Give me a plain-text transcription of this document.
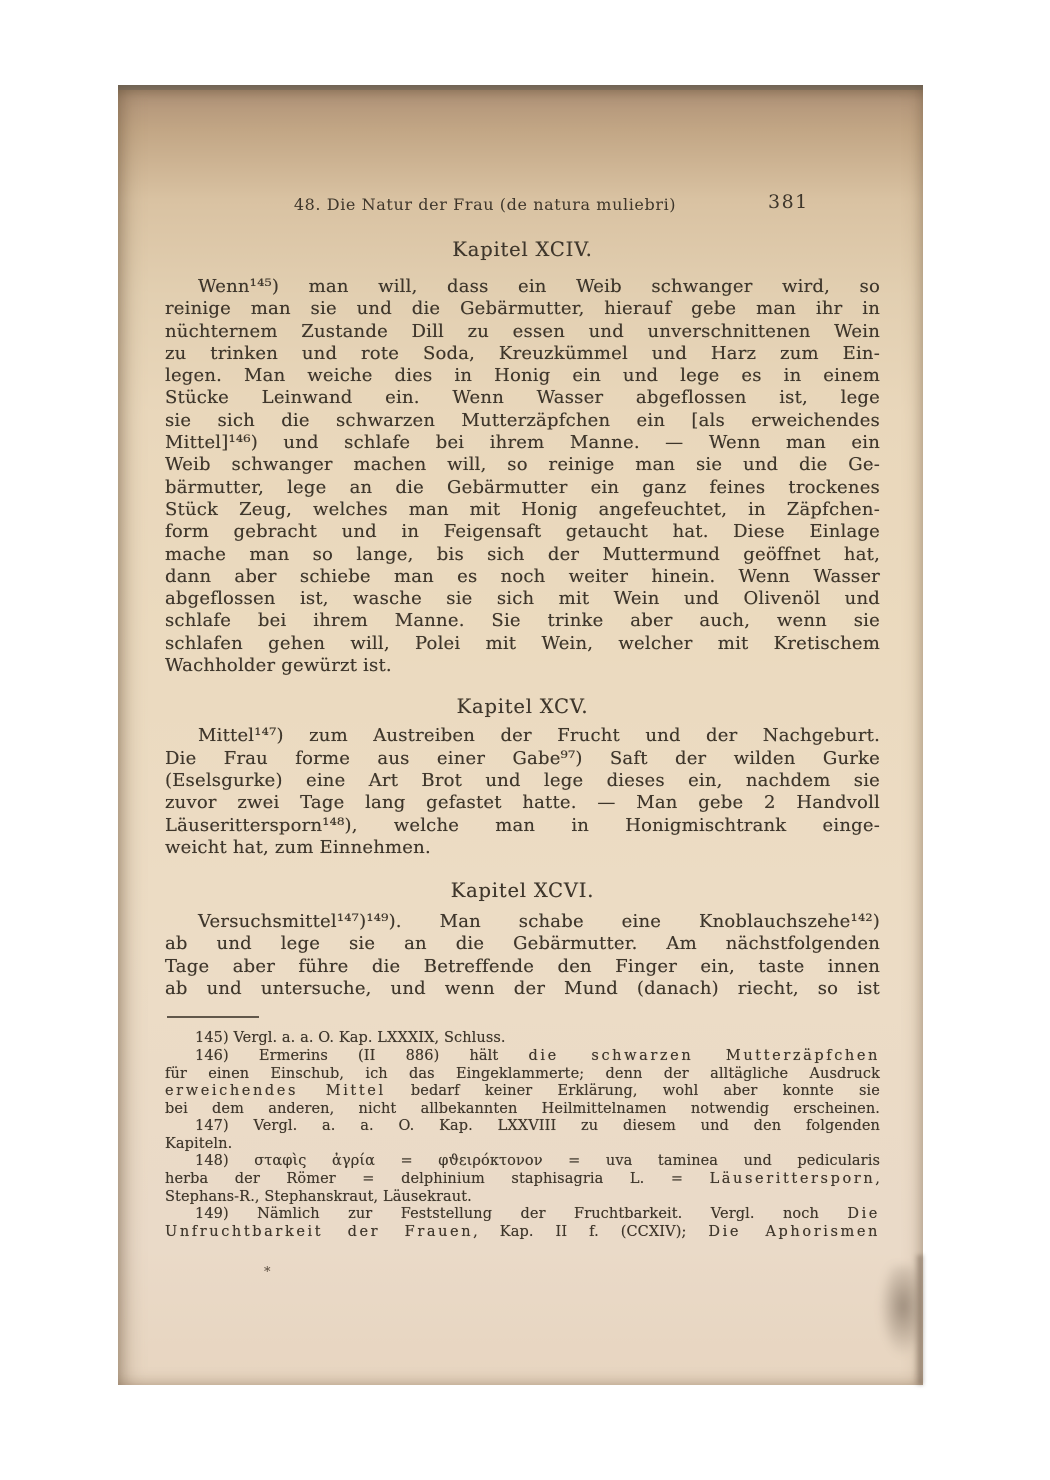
48. Die Natur der Frau (de natura muliebri)	381
Kapitel XCIV.
Wenn¹⁴⁵) man will, dass ein Weib schwanger wird, so
reinige man sie und die Gebärmutter, hierauf gebe man ihr in
nüchternem Zustande Dill zu essen und unverschnittenen Wein
zu trinken und rote Soda, Kreuzkümmel und Harz zum Ein-
legen. Man weiche dies in Honig ein und lege es in einem
Stücke Leinwand ein. Wenn Wasser abgeflossen ist, lege
sie sich die schwarzen Mutterzäpfchen ein [als erweichendes
Mittel]¹⁴⁶) und schlafe bei ihrem Manne. — Wenn man ein
Weib schwanger machen will, so reinige man sie und die Ge-
bärmutter, lege an die Gebärmutter ein ganz feines trockenes
Stück Zeug, welches man mit Honig angefeuchtet, in Zäpfchen-
form gebracht und in Feigensaft getaucht hat. Diese Einlage
mache man so lange, bis sich der Muttermund geöffnet hat,
dann aber schiebe man es noch weiter hinein. Wenn Wasser
abgeflossen ist, wasche sie sich mit Wein und Olivenöl und
schlafe bei ihrem Manne. Sie trinke aber auch, wenn sie
schlafen gehen will, Polei mit Wein, welcher mit Kretischem
Wachholder gewürzt ist.
Kapitel XCV.
Mittel¹⁴⁷) zum Austreiben der Frucht und der Nachgeburt.
Die Frau forme aus einer Gabe⁹⁷) Saft der wilden Gurke
(Eselsgurke) eine Art Brot und lege dieses ein, nachdem sie
zuvor zwei Tage lang gefastet hatte. — Man gebe 2 Handvoll
Läuserittersporn¹⁴⁸), welche man in Honigmischtrank einge-
weicht hat, zum Einnehmen.
Kapitel XCVI.
Versuchsmittel¹⁴⁷)¹⁴⁹). Man schabe eine Knoblauchszehe¹⁴²)
ab und lege sie an die Gebärmutter. Am nächstfolgenden
Tage aber führe die Betreffende den Finger ein, taste innen
ab und untersuche, und wenn der Mund (danach) riecht, so ist
145) Vergl. a. a. O. Kap. LXXXIX, Schluss.
146) Ermerins (II 886) hält die schwarzen Mutterzäpfchen
für einen Einschub, ich das Eingeklammerte; denn der alltägliche Ausdruck
erweichendes Mittel bedarf keiner Erklärung, wohl aber konnte sie
bei dem anderen, nicht allbekannten Heilmittelnamen notwendig erscheinen.
147) Vergl. a. a. O. Kap. LXXVIII zu diesem und den folgenden
Kapiteln.
148) σταφὶς ἀγρία = φϑειρόκτονον = uva taminea und pedicularis
herba der Römer = delphinium staphisagria L. = Läuserittersporn,
Stephans-R., Stephanskraut, Läusekraut.
149) Nämlich zur Feststellung der Fruchtbarkeit. Vergl. noch Die
Unfruchtbarkeit der Frauen, Kap. II f. (CCXIV); Die Aphorismen
*
